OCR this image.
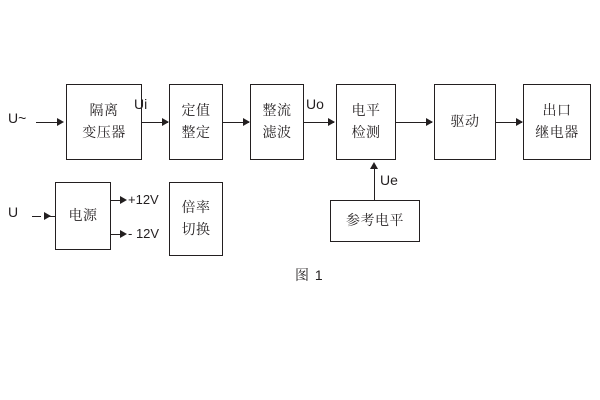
U~	隔离
变压器
Ui 定值
整定
整流
滤波
Uo 电平
检测
驱动
出口
继电器
U	电源
+12V
- 12V
倍率
切换
参考电平
Ue
图 1
